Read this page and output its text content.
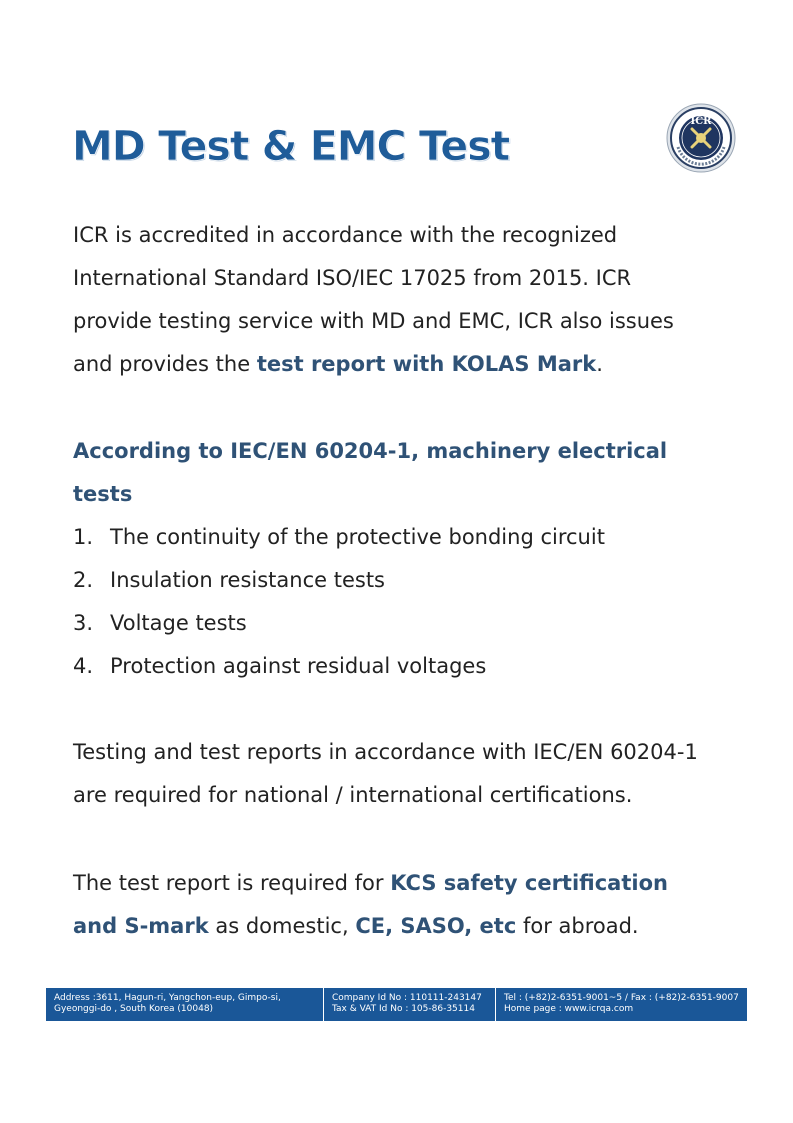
MD Test & EMC Test
ICR
ICR is accredited in accordance with the recognized International Standard ISO/IEC 17025 from 2015. ICR provide testing service with MD and EMC, ICR also issues and provides the test report with KOLAS Mark.
According to IEC/EN 60204-1, machinery electrical tests
1. The continuity of the protective bonding circuit
2. Insulation resistance tests
3. Voltage tests
4. Protection against residual voltages
Testing and test reports in accordance with IEC/EN 60204-1 are required for national / international certifications.
The test report is required for KCS safety certification and S-mark as domestic, CE, SASO, etc for abroad.
Address :3611, Hagun-ri, Yangchon-eup, Gimpo-si,
Gyeonggi-do , South Korea (10048)
Company Id No : 110111-243147
Tax & VAT Id No : 105-86-35114
Tel : (+82)2-6351-9001~5 / Fax : (+82)2-6351-9007
Home page : www.icrqa.com
